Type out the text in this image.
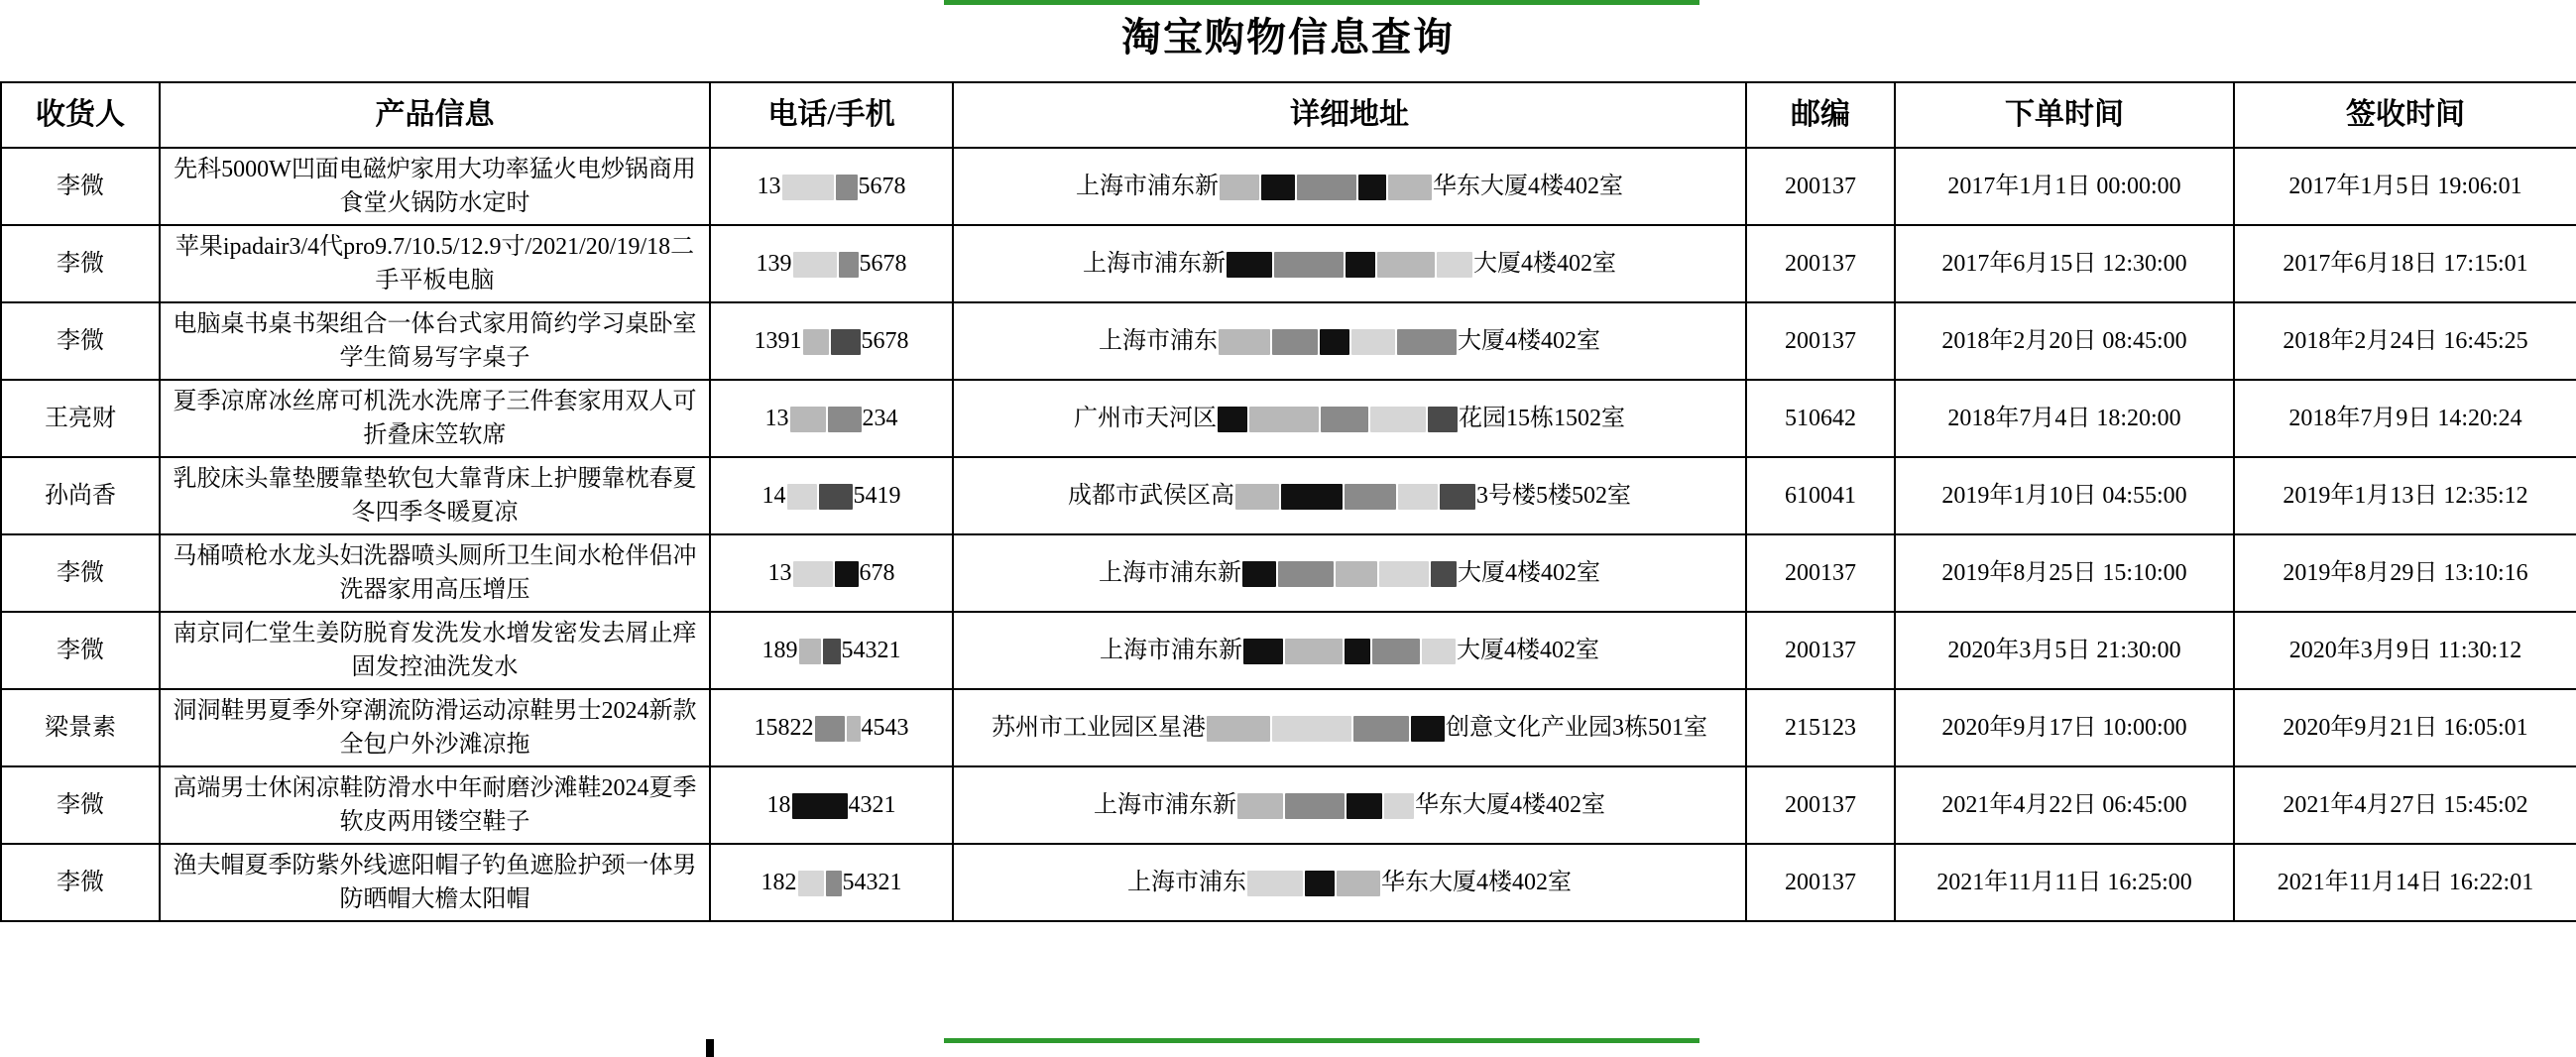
淘宝购物信息查询
收货人	产品信息	电话/手机	详细地址	邮编	下单时间	签收时间
李微	先科5000W凹面电磁炉家用大功率猛火电炒锅商用食堂火锅防水定时	13 5678	上海市浦东新 华东大厦4楼402室	200137	2017年1月1日 00:00:00	2017年1月5日 19:06:01
李微	苹果ipadair3/4代pro9.7/10.5/12.9寸/2021/20/19/18二手平板电脑	139 5678	上海市浦东新 大厦4楼402室	200137	2017年6月15日 12:30:00	2017年6月18日 17:15:01
李微	电脑桌书桌书架组合一体台式家用简约学习桌卧室学生简易写字桌子	1391 5678	上海市浦东 大厦4楼402室	200137	2018年2月20日 08:45:00	2018年2月24日 16:45:25
王亮财	夏季凉席冰丝席可机洗水洗席子三件套家用双人可折叠床笠软席	13 234	广州市天河区 花园15栋1502室	510642	2018年7月4日 18:20:00	2018年7月9日 14:20:24
孙尚香	乳胶床头靠垫腰靠垫软包大靠背床上护腰靠枕春夏冬四季冬暖夏凉	14 5419	成都市武侯区高 3号楼5楼502室	610041	2019年1月10日 04:55:00	2019年1月13日 12:35:12
李微	马桶喷枪水龙头妇洗器喷头厕所卫生间水枪伴侣冲洗器家用高压增压	13 678	上海市浦东新 大厦4楼402室	200137	2019年8月25日 15:10:00	2019年8月29日 13:10:16
李微	南京同仁堂生姜防脱育发洗发水增发密发去屑止痒固发控油洗发水	189 54321	上海市浦东新 大厦4楼402室	200137	2020年3月5日 21:30:00	2020年3月9日 11:30:12
梁景素	洞洞鞋男夏季外穿潮流防滑运动凉鞋男士2024新款全包户外沙滩凉拖	15822 4543	苏州市工业园区星港 创意文化产业园3栋501室	215123	2020年9月17日 10:00:00	2020年9月21日 16:05:01
李微	高端男士休闲凉鞋防滑水中年耐磨沙滩鞋2024夏季软皮两用镂空鞋子	18 4321	上海市浦东新 华东大厦4楼402室	200137	2021年4月22日 06:45:00	2021年4月27日 15:45:02
李微	渔夫帽夏季防紫外线遮阳帽子钓鱼遮脸护颈一体男防晒帽大檐太阳帽	182 54321	上海市浦东 华东大厦4楼402室	200137	2021年11月11日 16:25:00	2021年11月14日 16:22:01
